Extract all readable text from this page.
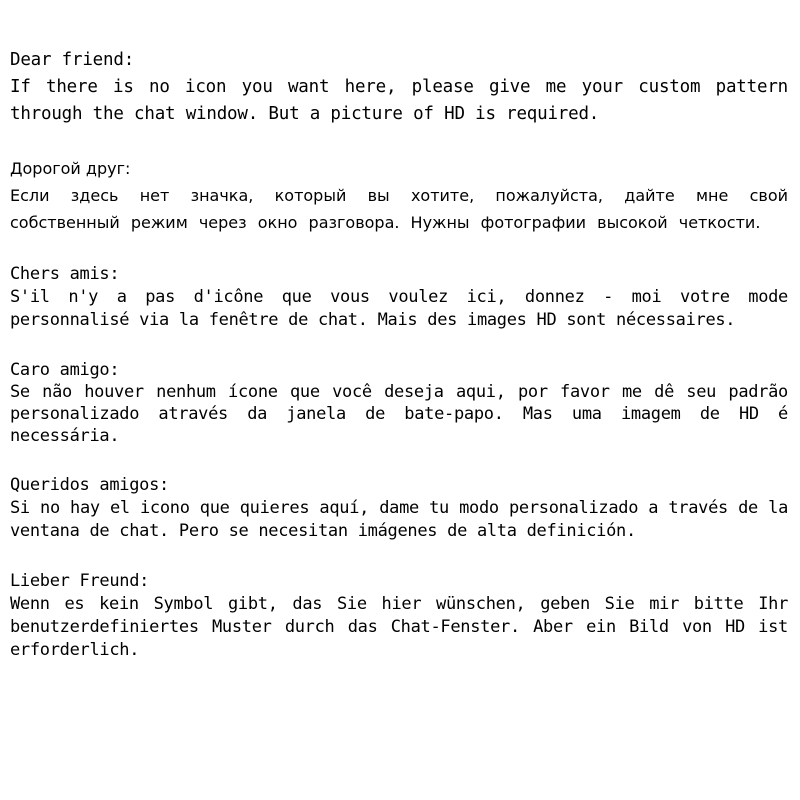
Dear friend:
If there is no icon you want here, please give me your custom pattern through the chat window. But a picture of HD is required.
Дорогой друг:
Если здесь нет значка, который вы хотите, пожалуйста, дайте мне свой собственный режим через окно разговора. Нужны фотографии высокой четкости.
Chers amis:
S'il n'y a pas d'icône que vous voulez ici, donnez - moi votre mode personnalisé via la fenêtre de chat. Mais des images HD sont nécessaires.
Caro amigo:
Se não houver nenhum ícone que você deseja aqui, por favor me dê seu padrão personalizado através da janela de bate-papo. Mas uma imagem de HD é necessária.
Queridos amigos:
Si no hay el icono que quieres aquí, dame tu modo personalizado a través de la ventana de chat. Pero se necesitan imágenes de alta definición.
Lieber Freund:
Wenn es kein Symbol gibt, das Sie hier wünschen, geben Sie mir bitte Ihr benutzerdefiniertes Muster durch das Chat-Fenster. Aber ein Bild von HD ist erforderlich.
